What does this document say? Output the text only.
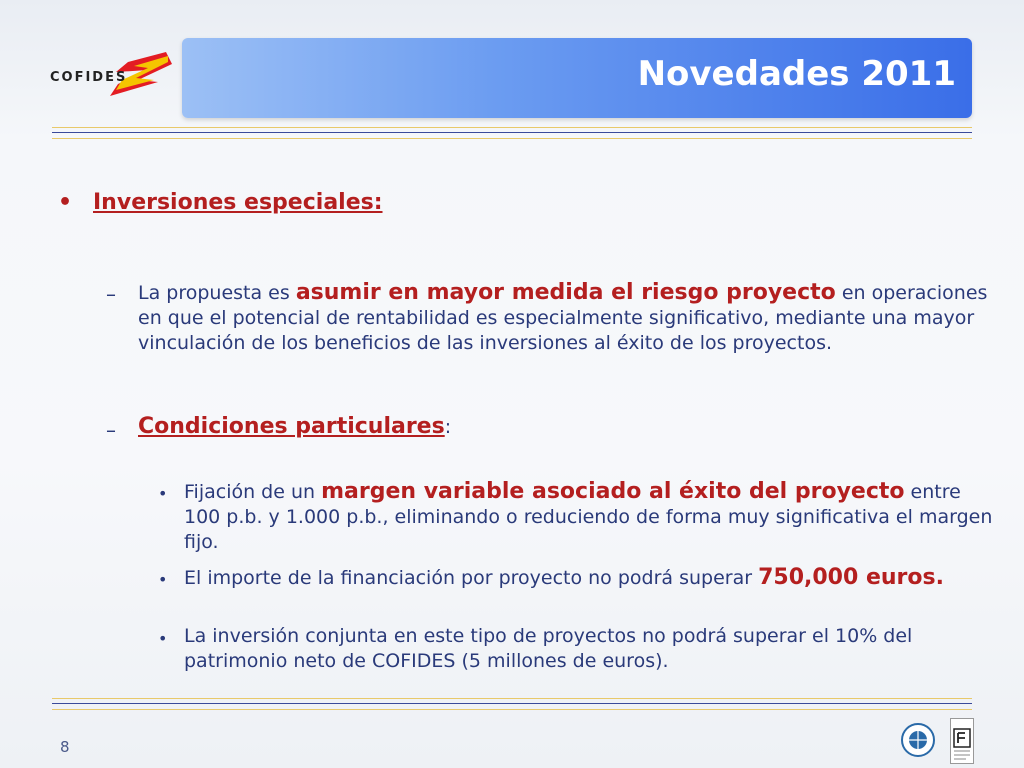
COFIDES	Novedades 2011
• Inversiones especiales:
– La propuesta es asumir en mayor medida el riesgo proyecto en operaciones en que el potencial de rentabilidad es especialmente significativo, mediante una mayor vinculación de los beneficios de las inversiones al éxito de los proyectos.
– Condiciones particulares:
• Fijación de un margen variable asociado al éxito del proyecto entre 100 p.b. y 1.000 p.b., eliminando o reduciendo de forma muy significativa el margen fijo.
• El importe de la financiación por proyecto no podrá superar 750,000 euros.
• La inversión conjunta en este tipo de proyectos no podrá superar el 10% del patrimonio neto de COFIDES (5 millones de euros).
8
